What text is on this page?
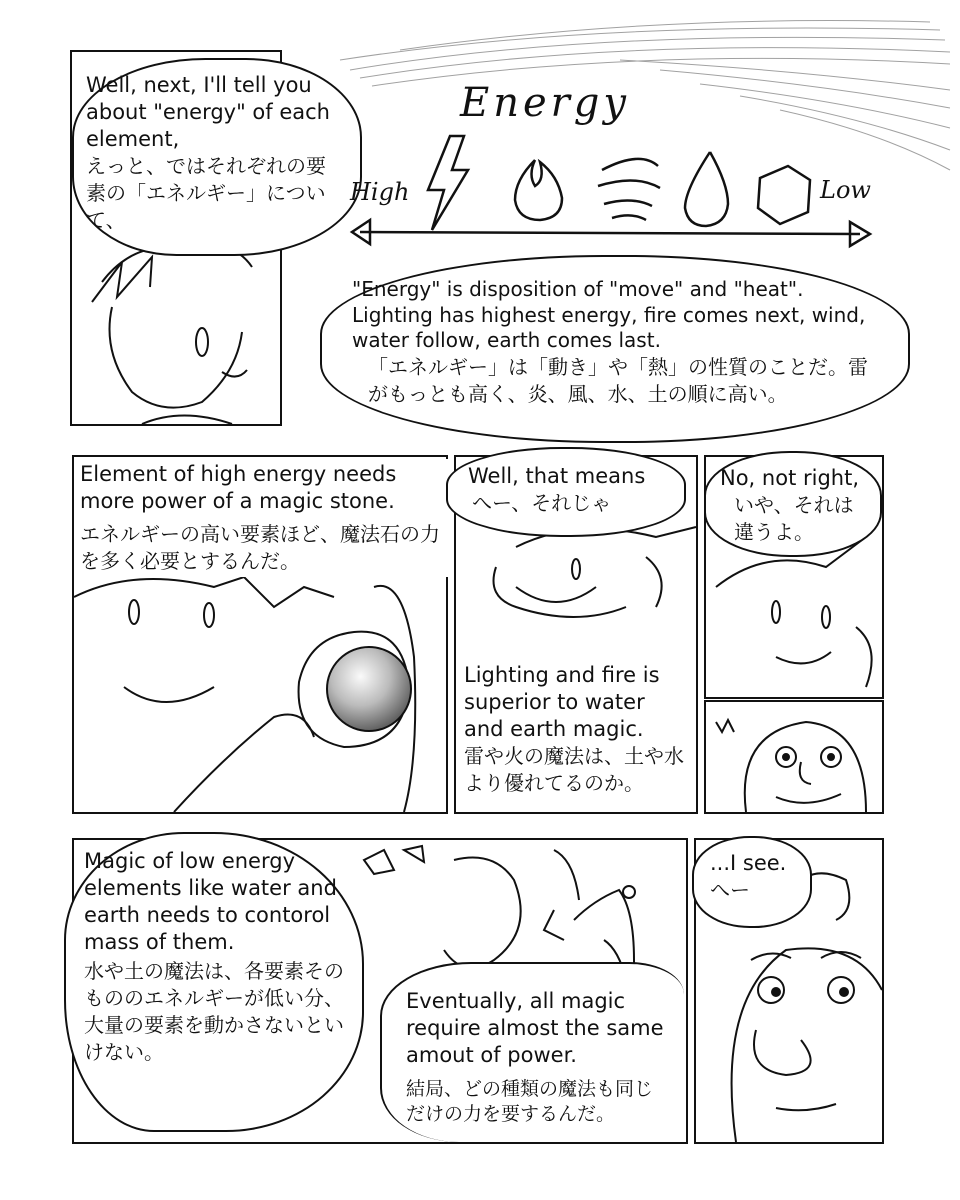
Well, next, I'll tell you about "energy" of each element,
えっと、ではそれぞれの要素の「エネルギー」について、
Energy
High	Low
"Energy" is disposition of "move" and "heat". Lighting has highest energy, fire comes next, wind, water follow, earth comes last.
「エネルギー」は「動き」や「熱」の性質のことだ。雷がもっとも高く、炎、風、水、土の順に高い。
Element of high energy needs more power of a magic stone.
エネルギーの高い要素ほど、魔法石の力を多く必要とするんだ。
Well, that means
へー、それじゃ
Lighting and fire is superior to water and earth magic.
雷や火の魔法は、土や水より優れてるのか。
No, not right,
いや、それは違うよ。
Magic of low energy elements like water and earth needs to contorol mass of them.
水や土の魔法は、各要素そのもののエネルギーが低い分、大量の要素を動かさないといけない。
Eventually, all magic require almost the same amout of power.
結局、どの種類の魔法も同じだけの力を要するんだ。
...I see.
へー
